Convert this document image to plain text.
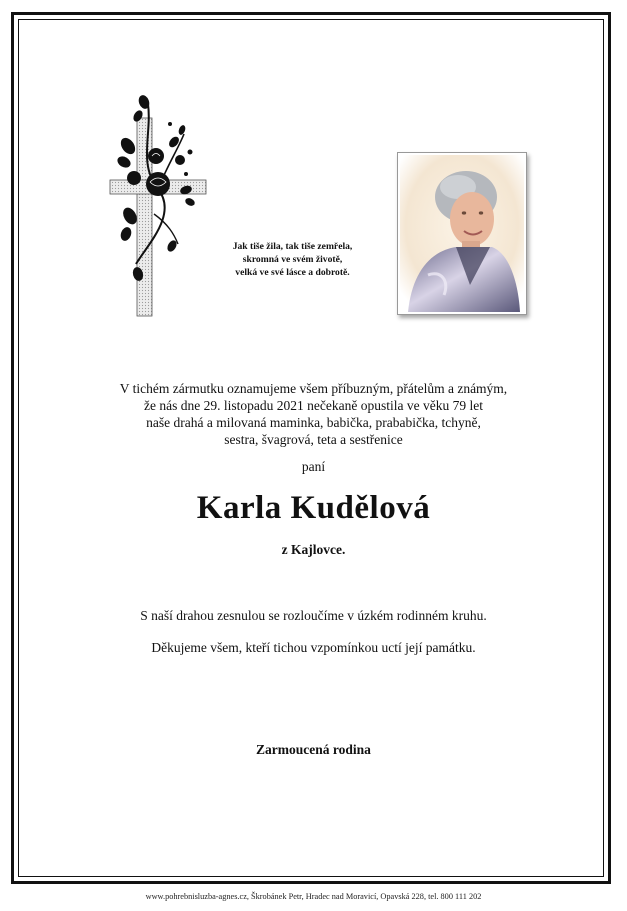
Jak tiše žila, tak tiše zemřela,
skromná ve svém životě,
velká ve své lásce a dobrotě.
V tichém zármutku oznamujeme všem příbuzným, přátelům a známým,
že nás dne 29. listopadu 2021 nečekaně opustila ve věku 79 let
naše drahá a milovaná maminka, babička, prababička, tchyně,
sestra, švagrová, teta a sestřenice
paní
Karla Kudělová
z Kajlovce.
S naší drahou zesnulou se rozloučíme v úzkém rodinném kruhu.
Děkujeme všem, kteří tichou vzpomínkou uctí její památku.
Zarmoucená rodina
www.pohrebnisluzba-agnes.cz, Škrobánek Petr, Hradec nad Moravicí, Opavská 228, tel. 800 111 202
